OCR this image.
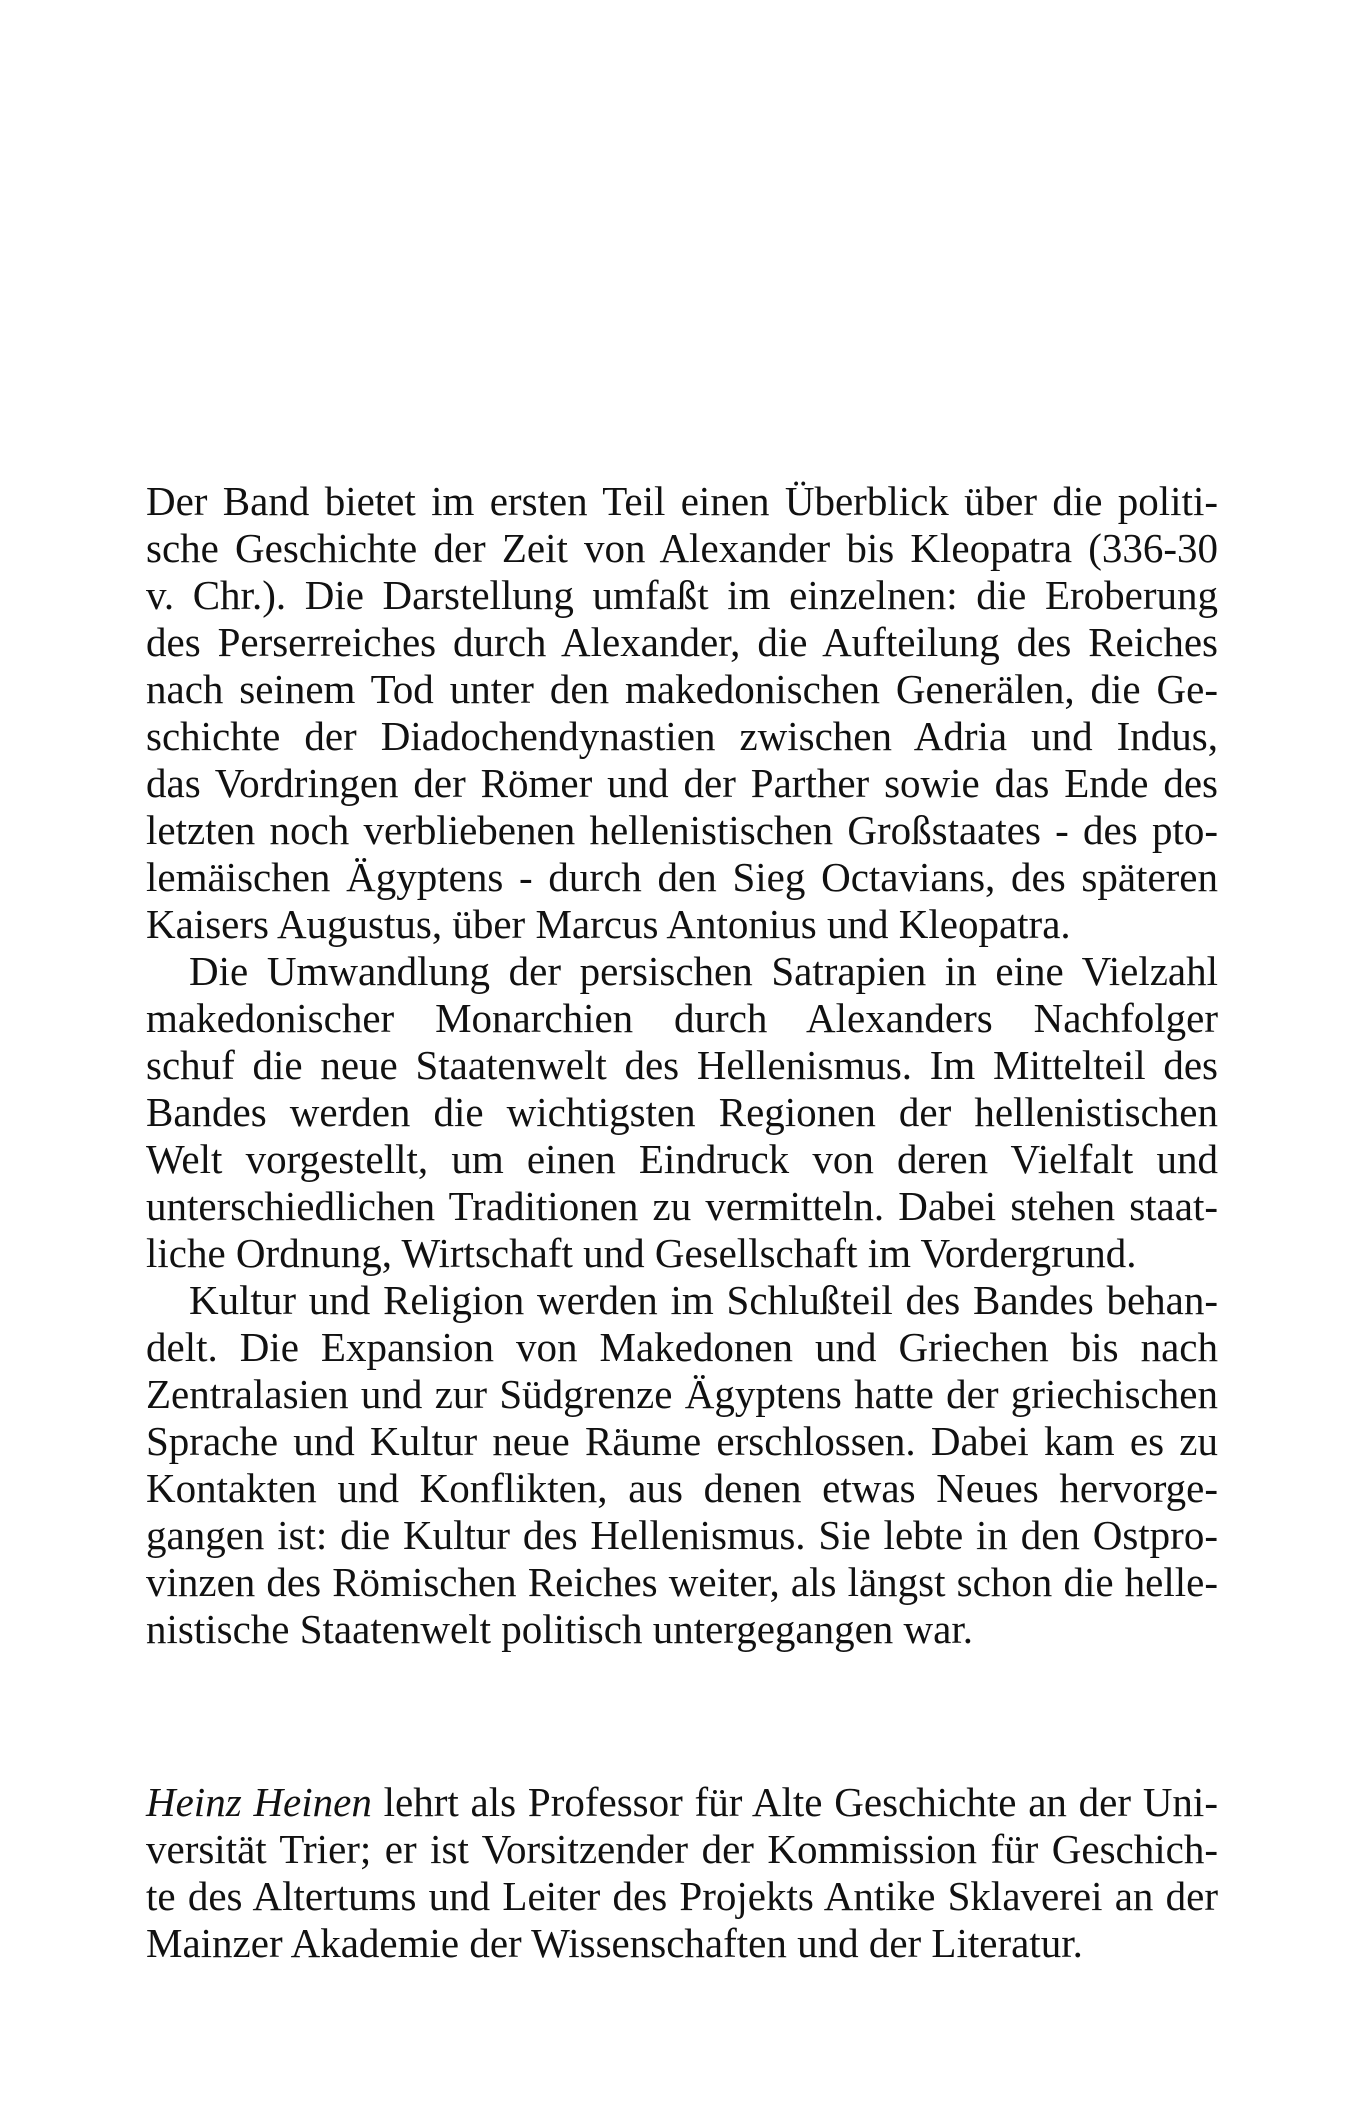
Der Band bietet im ersten Teil einen Überblick über die politi-
sche Geschichte der Zeit von Alexander bis Kleopatra (336-30
v. Chr.). Die Darstellung umfaßt im einzelnen: die Eroberung
des Perserreiches durch Alexander, die Aufteilung des Reiches
nach seinem Tod unter den makedonischen Generälen, die Ge-
schichte der Diadochendynastien zwischen Adria und Indus,
das Vordringen der Römer und der Parther sowie das Ende des
letzten noch verbliebenen hellenistischen Großstaates - des pto-
lemäischen Ägyptens - durch den Sieg Octavians, des späteren
Kaisers Augustus, über Marcus Antonius und Kleopatra.
Die Umwandlung der persischen Satrapien in eine Vielzahl
makedonischer Monarchien durch Alexanders Nachfolger
schuf die neue Staatenwelt des Hellenismus. Im Mittelteil des
Bandes werden die wichtigsten Regionen der hellenistischen
Welt vorgestellt, um einen Eindruck von deren Vielfalt und
unterschiedlichen Traditionen zu vermitteln. Dabei stehen staat-
liche Ordnung, Wirtschaft und Gesellschaft im Vordergrund.
Kultur und Religion werden im Schlußteil des Bandes behan-
delt. Die Expansion von Makedonen und Griechen bis nach
Zentralasien und zur Südgrenze Ägyptens hatte der griechischen
Sprache und Kultur neue Räume erschlossen. Dabei kam es zu
Kontakten und Konflikten, aus denen etwas Neues hervorge-
gangen ist: die Kultur des Hellenismus. Sie lebte in den Ostpro-
vinzen des Römischen Reiches weiter, als längst schon die helle-
nistische Staatenwelt politisch untergegangen war.
Heinz Heinen lehrt als Professor für Alte Geschichte an der Uni-
versität Trier; er ist Vorsitzender der Kommission für Geschich-
te des Altertums und Leiter des Projekts Antike Sklaverei an der
Mainzer Akademie der Wissenschaften und der Literatur.
